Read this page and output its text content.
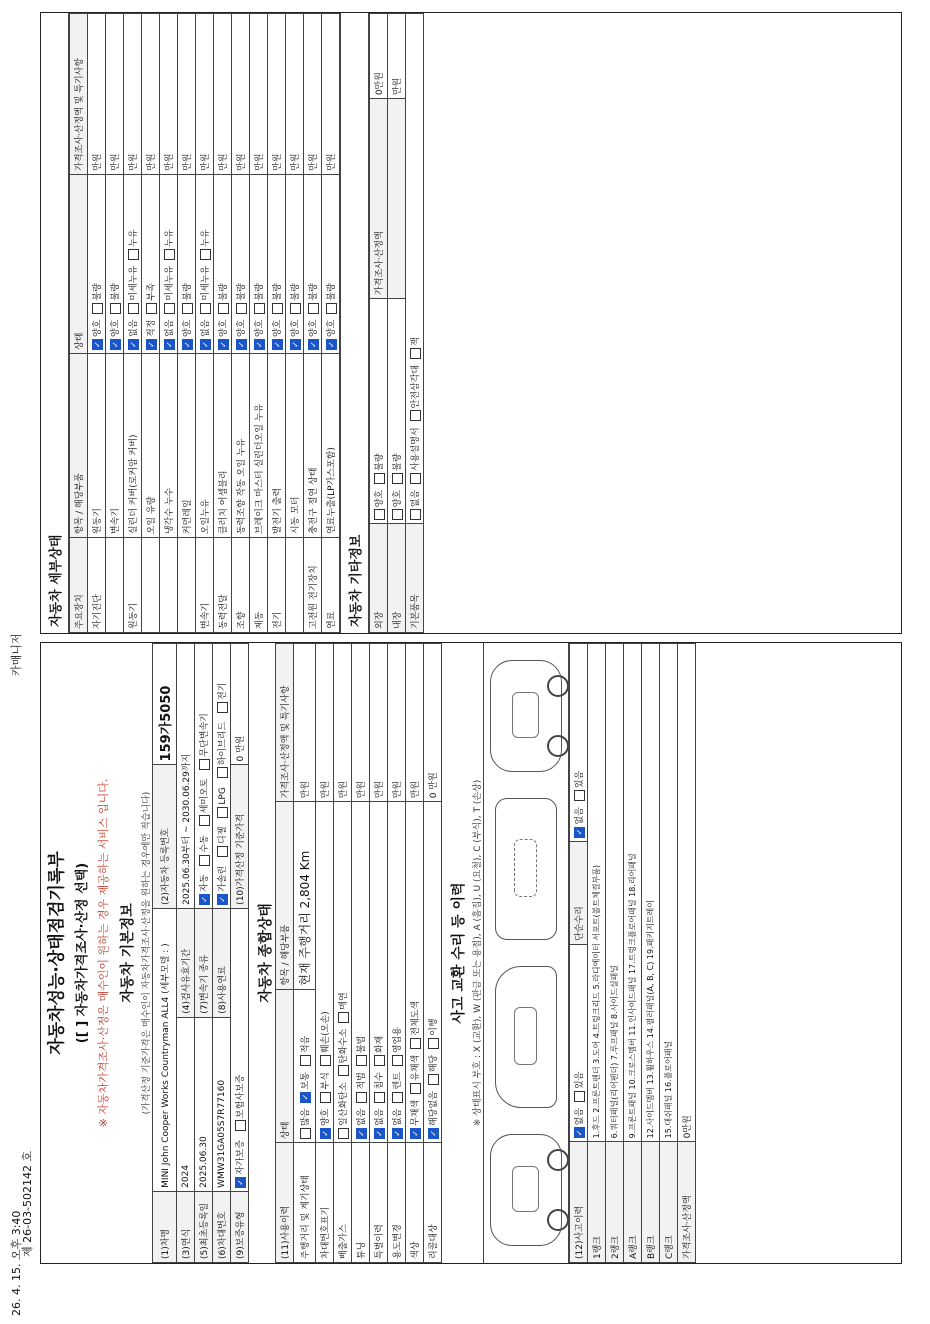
26. 4. 15. 오후 3:40
카매니저
제 26-03-502142 호
자동차성능·상태점검기록부 ([ ] 자동차가격조사·산정 선택) ※ 자동차가격조사·산정은 매수인이 원하는 경우 제공하는 서비스 입니다. 자동차 기본정보 (가격산정 기준가격은 매수인이 자동차가격조사·산정을 원하는 경우에만 적습니다)
(1)차명	MINI John Cooper Works Countryman ALL4 (세부모델 : )		(2)자동차 등록번호	159가5050
(3)연식	2024	(4)검사유효기간	2025.06.30부터 ~ 2030.06.29까지	
(5)최초등록일	2025.06.30	(7)변속기 종류	✓자동 수동 세미오토 무단변속기	
(6)차대번호	WMW31GA05S7R77160	(8)사용연료	✓가솔린 디젤 LPG 하이브리드 전기	
(9)보증유형	✓자가보증 보험사보증		(10)가격산정 기준가격	0 만원
자동차 종합상태
(11)사용이력	상태	항목 / 해당부품	가격조사·산정액 및 특기사항
주행거리 및 계기상태	많음✓보통적음	현재 주행거리 2,804 Km	만원
차대번호표기	✓양호부식훼손(오손)		만원
배출가스	일산화탄소탄화수소매연		만원
튜닝	✓없음적법불법		만원
특별이력	✓없음침수화재		만원
용도변경	✓없음렌트영업용		만원
색상	✓무채색유채색전체도색		만원
리콜대상	✓해당없음해당이행		0 만원
사고 교환 수리 등 이력 ※ 상태표시 부호 : X (교환), W (판금 또는 용접), A (흠집), U (요철), C (부식), T (손상)
(12)사고이력	✓없음있음	단순수리	✓없음있음
1랭크	1.후드 2.프론트펜더 3.도어 4.트렁크리드 5.라디에이터 서포트(볼트체결부품)		
2랭크	6.쿼터패널(리어펜더) 7.루프패널 8.사이드실패널		
A랭크	9.프론트패널 10.크로스멤버 11.인사이드패널 17.트렁크플로어패널 18.리어패널		
B랭크	12.사이드멤버 13.휠하우스 14.필러패널(A, B, C) 19.패키지트레이		
C랭크	15.대쉬패널 16.플로어패널		
가격조사·산정액	0만원		
자동차 세부상태	주요장치	항목 / 해당부품	상태	가격조사·산정액 및 특기사항
자기진단	원동기	✓양호불량	만원
	변속기	✓양호불량	만원
원동기	실린더 커버(로커암 커버)	✓없음미세누유누유	만원
	오일 유량	✓적정부족	만원
	냉각수 누수	✓없음미세누유누유	만원
	커먼레일	✓양호불량	만원
변속기	오일누유	✓없음미세누유누유	만원
동력전달	클러치 어셈블리	✓양호불량	만원
조향	동력조향 작동 오일 누유	✓양호불량	만원
제동	브레이크 마스터 실린더오일 누유	✓양호불량	만원
전기	발전기 출력	✓양호불량	만원
	시동 모터	✓양호불량	만원
고전원 전기장치	충전구 절연 상태	✓양호불량	만원
연료	연료누출(LP가스포함)	✓양호불량	만원
자동차 기타정보	외장	양호불량	가격조사·산정액	0만원
내장	양호불량		만원
기본품목	없음사용설명서안전삼각대잭		
